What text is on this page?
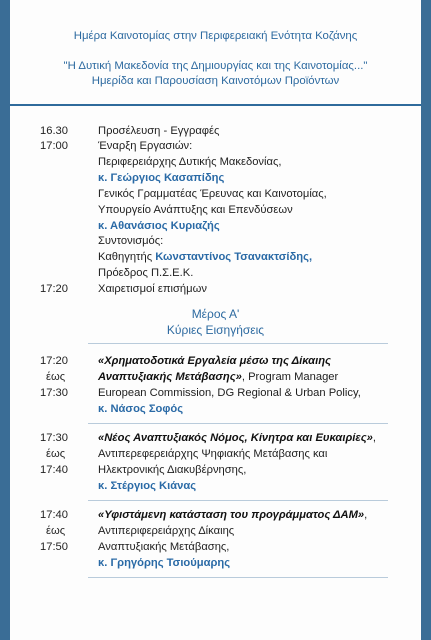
Ημέρα Καινοτομίας στην Περιφερειακή Ενότητα Κοζάνης
"Η Δυτική Μακεδονία της Δημιουργίας και της Καινοτομίας..."
Ημερίδα και Παρουσίαση Καινοτόμων Προϊόντων
16.30	Προσέλευση - Εγγραφές
17:00	Έναρξη Εργασιών:
Περιφερειάρχης Δυτικής Μακεδονίας,
κ. Γεώργιος Κασαπίδης
Γενικός Γραμματέας Έρευνας και Καινοτομίας,
Υπουργείο Ανάπτυξης και Επενδύσεων
κ. Αθανάσιος Κυριαζής
Συντονισμός:
Καθηγητής Κωνσταντίνος Τσανακτσίδης,
Πρόεδρος Π.Σ.Ε.Κ.
17:20	Χαιρετισμοί επισήμων
Μέρος Α'
Κύριες Εισηγήσεις
17:20	«Χρηματοδοτικά Εργαλεία μέσω της Δίκαιης
έως	Αναπτυξιακής Μετάβασης», Program Manager
17:30	European Commission, DG Regional & Urban Policy,
κ. Νάσος Σοφός
17:30	«Νέος Αναπτυξιακός Νόμος, Κίνητρα και Ευκαιρίες»,
έως	Αντιπερεφερειάρχης Ψηφιακής Μετάβασης και
17:40	Ηλεκτρονικής Διακυβέρνησης,
κ. Στέργιος Κιάνας
17:40	«Υφιστάμενη κατάσταση του προγράμματος ΔΑΜ»,
έως	Αντιπεριφερειάρχης Δίκαιης
17:50	Αναπτυξιακής Μετάβασης,
κ. Γρηγόρης Τσιούμαρης
